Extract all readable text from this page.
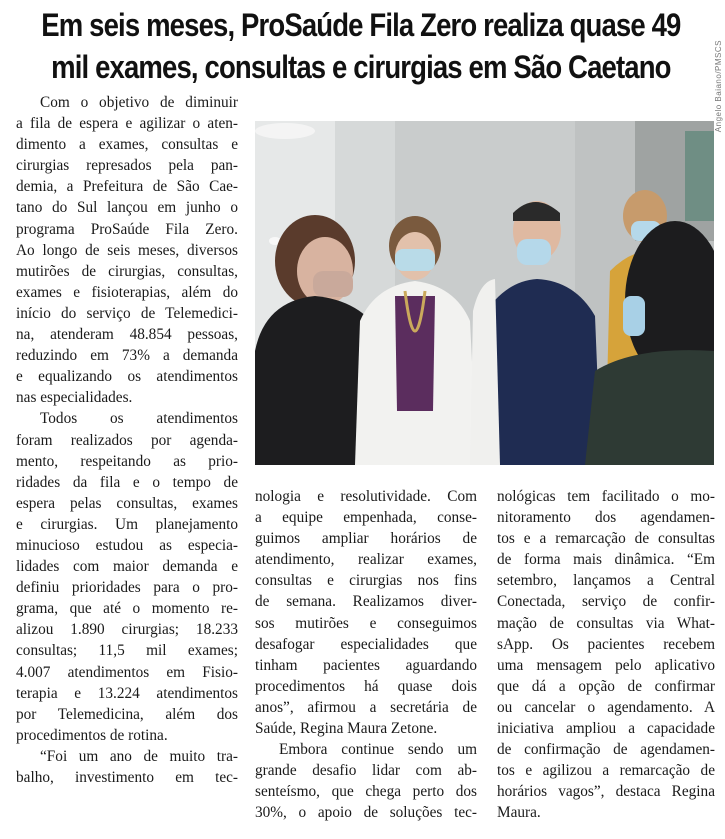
Em seis meses, ProSaúde Fila Zero realiza quase 49
mil exames, consultas e cirurgias em São Caetano	Angelo Baiano/PMSCS
Com o objetivo de diminuir
a fila de espera e agilizar o aten-
dimento a exames, consultas e
cirurgias represados pela pan-
demia, a Prefeitura de São Cae-
tano do Sul lançou em junho o
programa ProSaúde Fila Zero.
Ao longo de seis meses, diversos
mutirões de cirurgias, consultas,
exames e fisioterapias, além do
início do serviço de Telemedici-
na, atenderam 48.854 pessoas,
reduzindo em 73% a demanda
e equalizando os atendimentos
nas especialidades.
Todos os atendimentos
foram realizados por agenda-
mento, respeitando as prio-
ridades da fila e o tempo de
espera pelas consultas, exames
e cirurgias. Um planejamento
minucioso estudou as especia-
lidades com maior demanda e
definiu prioridades para o pro-
grama, que até o momento re-
alizou 1.890 cirurgias; 18.233
consultas; 11,5 mil exames;
4.007 atendimentos em Fisio-
terapia e 13.224 atendimentos
por Telemedicina, além dos
procedimentos de rotina.
“Foi um ano de muito tra-
balho, investimento em tec-
nologia e resolutividade. Com
a equipe empenhada, conse-
guimos ampliar horários de
atendimento, realizar exames,
consultas e cirurgias nos fins
de semana. Realizamos diver-
sos mutirões e conseguimos
desafogar especialidades que
tinham pacientes aguardando
procedimentos há quase dois
anos”, afirmou a secretária de
Saúde, Regina Maura Zetone.
Embora continue sendo um
grande desafio lidar com ab-
senteísmo, que chega perto dos
30%, o apoio de soluções tec-
nológicas tem facilitado o mo-
nitoramento dos agendamen-
tos e a remarcação de consultas
de forma mais dinâmica. “Em
setembro, lançamos a Central
Conectada, serviço de confir-
mação de consultas via What-
sApp. Os pacientes recebem
uma mensagem pelo aplicativo
que dá a opção de confirmar
ou cancelar o agendamento. A
iniciativa ampliou a capacidade
de confirmação de agendamen-
tos e agilizou a remarcação de
horários vagos”, destaca Regina
Maura.
